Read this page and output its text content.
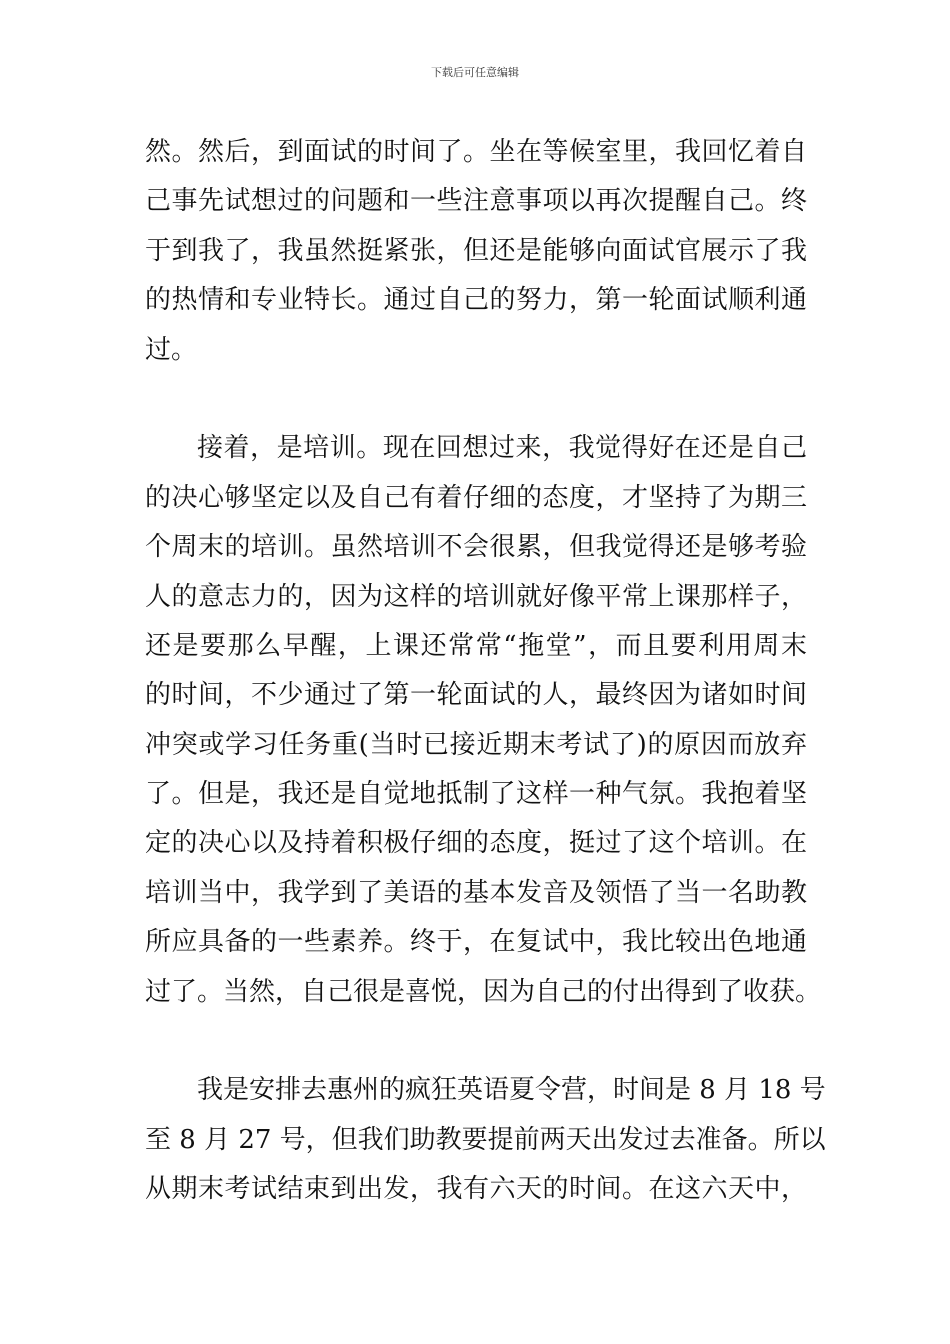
下载后可任意编辑
然。然后，到面试的时间了。坐在等候室里，我回忆着自
己事先试想过的问题和一些注意事项以再次提醒自己。终
于到我了，我虽然挺紧张，但还是能够向面试官展示了我
的热情和专业特长。通过自己的努力，第一轮面试顺利通
过。
接着，是培训。现在回想过来，我觉得好在还是自己
的决心够坚定以及自己有着仔细的态度，才坚持了为期三
个周末的培训。虽然培训不会很累，但我觉得还是够考验
人的意志力的，因为这样的培训就好像平常上课那样子，
还是要那么早醒，上课还常常“拖堂”，而且要利用周末
的时间，不少通过了第一轮面试的人，最终因为诸如时间
冲突或学习任务重(当时已接近期末考试了)的原因而放弃
了。但是，我还是自觉地抵制了这样一种气氛。我抱着坚
定的决心以及持着积极仔细的态度，挺过了这个培训。在
培训当中，我学到了美语的基本发音及领悟了当一名助教
所应具备的一些素养。终于，在复试中，我比较出色地通
过了。当然，自己很是喜悦，因为自己的付出得到了收获。
我是安排去惠州的疯狂英语夏令营，时间是 8 月 18 号
至 8 月 27 号，但我们助教要提前两天出发过去准备。所以
从期末考试结束到出发，我有六天的时间。在这六天中，
